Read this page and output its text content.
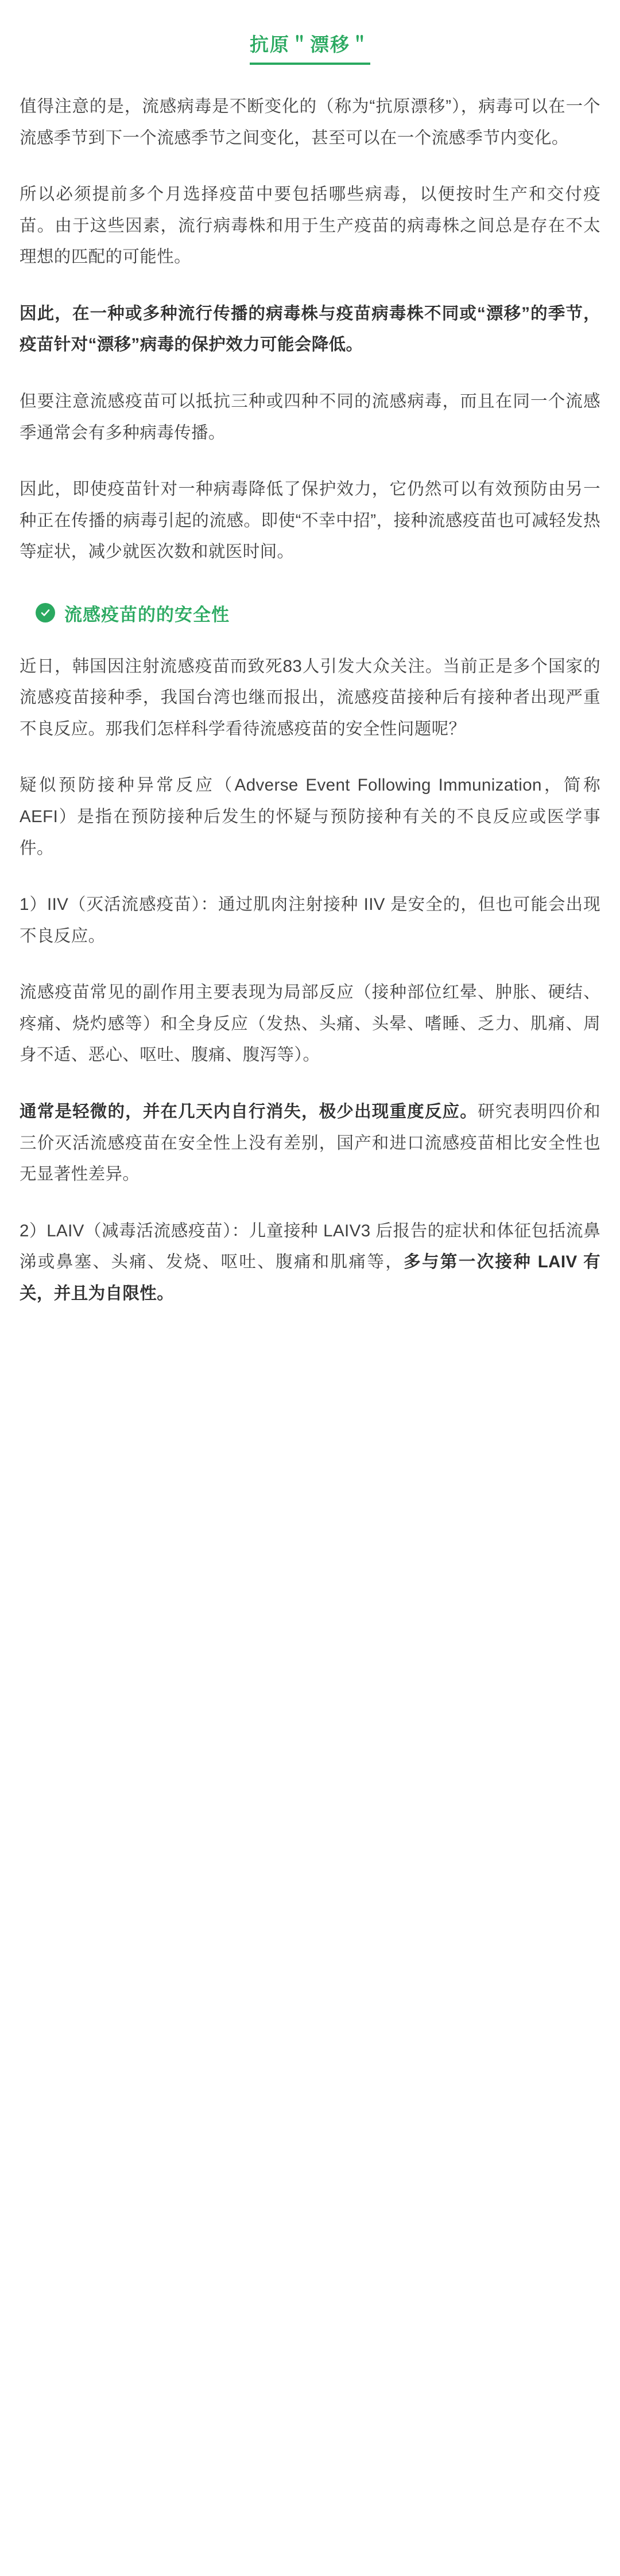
抗原＂漂移＂

值得注意的是，流感病毒是不断变化的（称为“抗原漂移”），病毒可以在一个流感季节到下一个流感季节之间变化，甚至可以在一个流感季节内变化。

所以必须提前多个月选择疫苗中要包括哪些病毒，以便按时生产和交付疫苗。由于这些因素，流行病毒株和用于生产疫苗的病毒株之间总是存在不太理想的匹配的可能性。

因此，在一种或多种流行传播的病毒株与疫苗病毒株不同或“漂移”的季节，疫苗针对“漂移”病毒的保护效力可能会降低。

但要注意流感疫苗可以抵抗三种或四种不同的流感病毒，而且在同一个流感季通常会有多种病毒传播。

因此，即使疫苗针对一种病毒降低了保护效力，它仍然可以有效预防由另一种正在传播的病毒引起的流感。即使“不幸中招”，接种流感疫苗也可减轻发热等症状，减少就医次数和就医时间。

流感疫苗的的安全性

近日，韩国因注射流感疫苗而致死83人引发大众关注。当前正是多个国家的流感疫苗接种季，我国台湾也继而报出，流感疫苗接种后有接种者出现严重不良反应。那我们怎样科学看待流感疫苗的安全性问题呢？

疑似预防接种异常反应（Adverse Event Following Immunization，简称AEFI）是指在预防接种后发生的怀疑与预防接种有关的不良反应或医学事件。

1）IIV（灭活流感疫苗）：通过肌肉注射接种 IIV 是安全的，但也可能会出现不良反应。

流感疫苗常见的副作用主要表现为局部反应（接种部位红晕、肿胀、硬结、疼痛、烧灼感等）和全身反应（发热、头痛、头晕、嗜睡、乏力、肌痛、周身不适、恶心、呕吐、腹痛、腹泻等）。

通常是轻微的，并在几天内自行消失，极少出现重度反应。研究表明四价和三价灭活流感疫苗在安全性上没有差别，国产和进口流感疫苗相比安全性也无显著性差异。

2）LAIV（减毒活流感疫苗）：儿童接种 LAIV3 后报告的症状和体征包括流鼻涕或鼻塞、头痛、发烧、呕吐、腹痛和肌痛等，多与第一次接种 LAIV 有关，并且为自限性。
